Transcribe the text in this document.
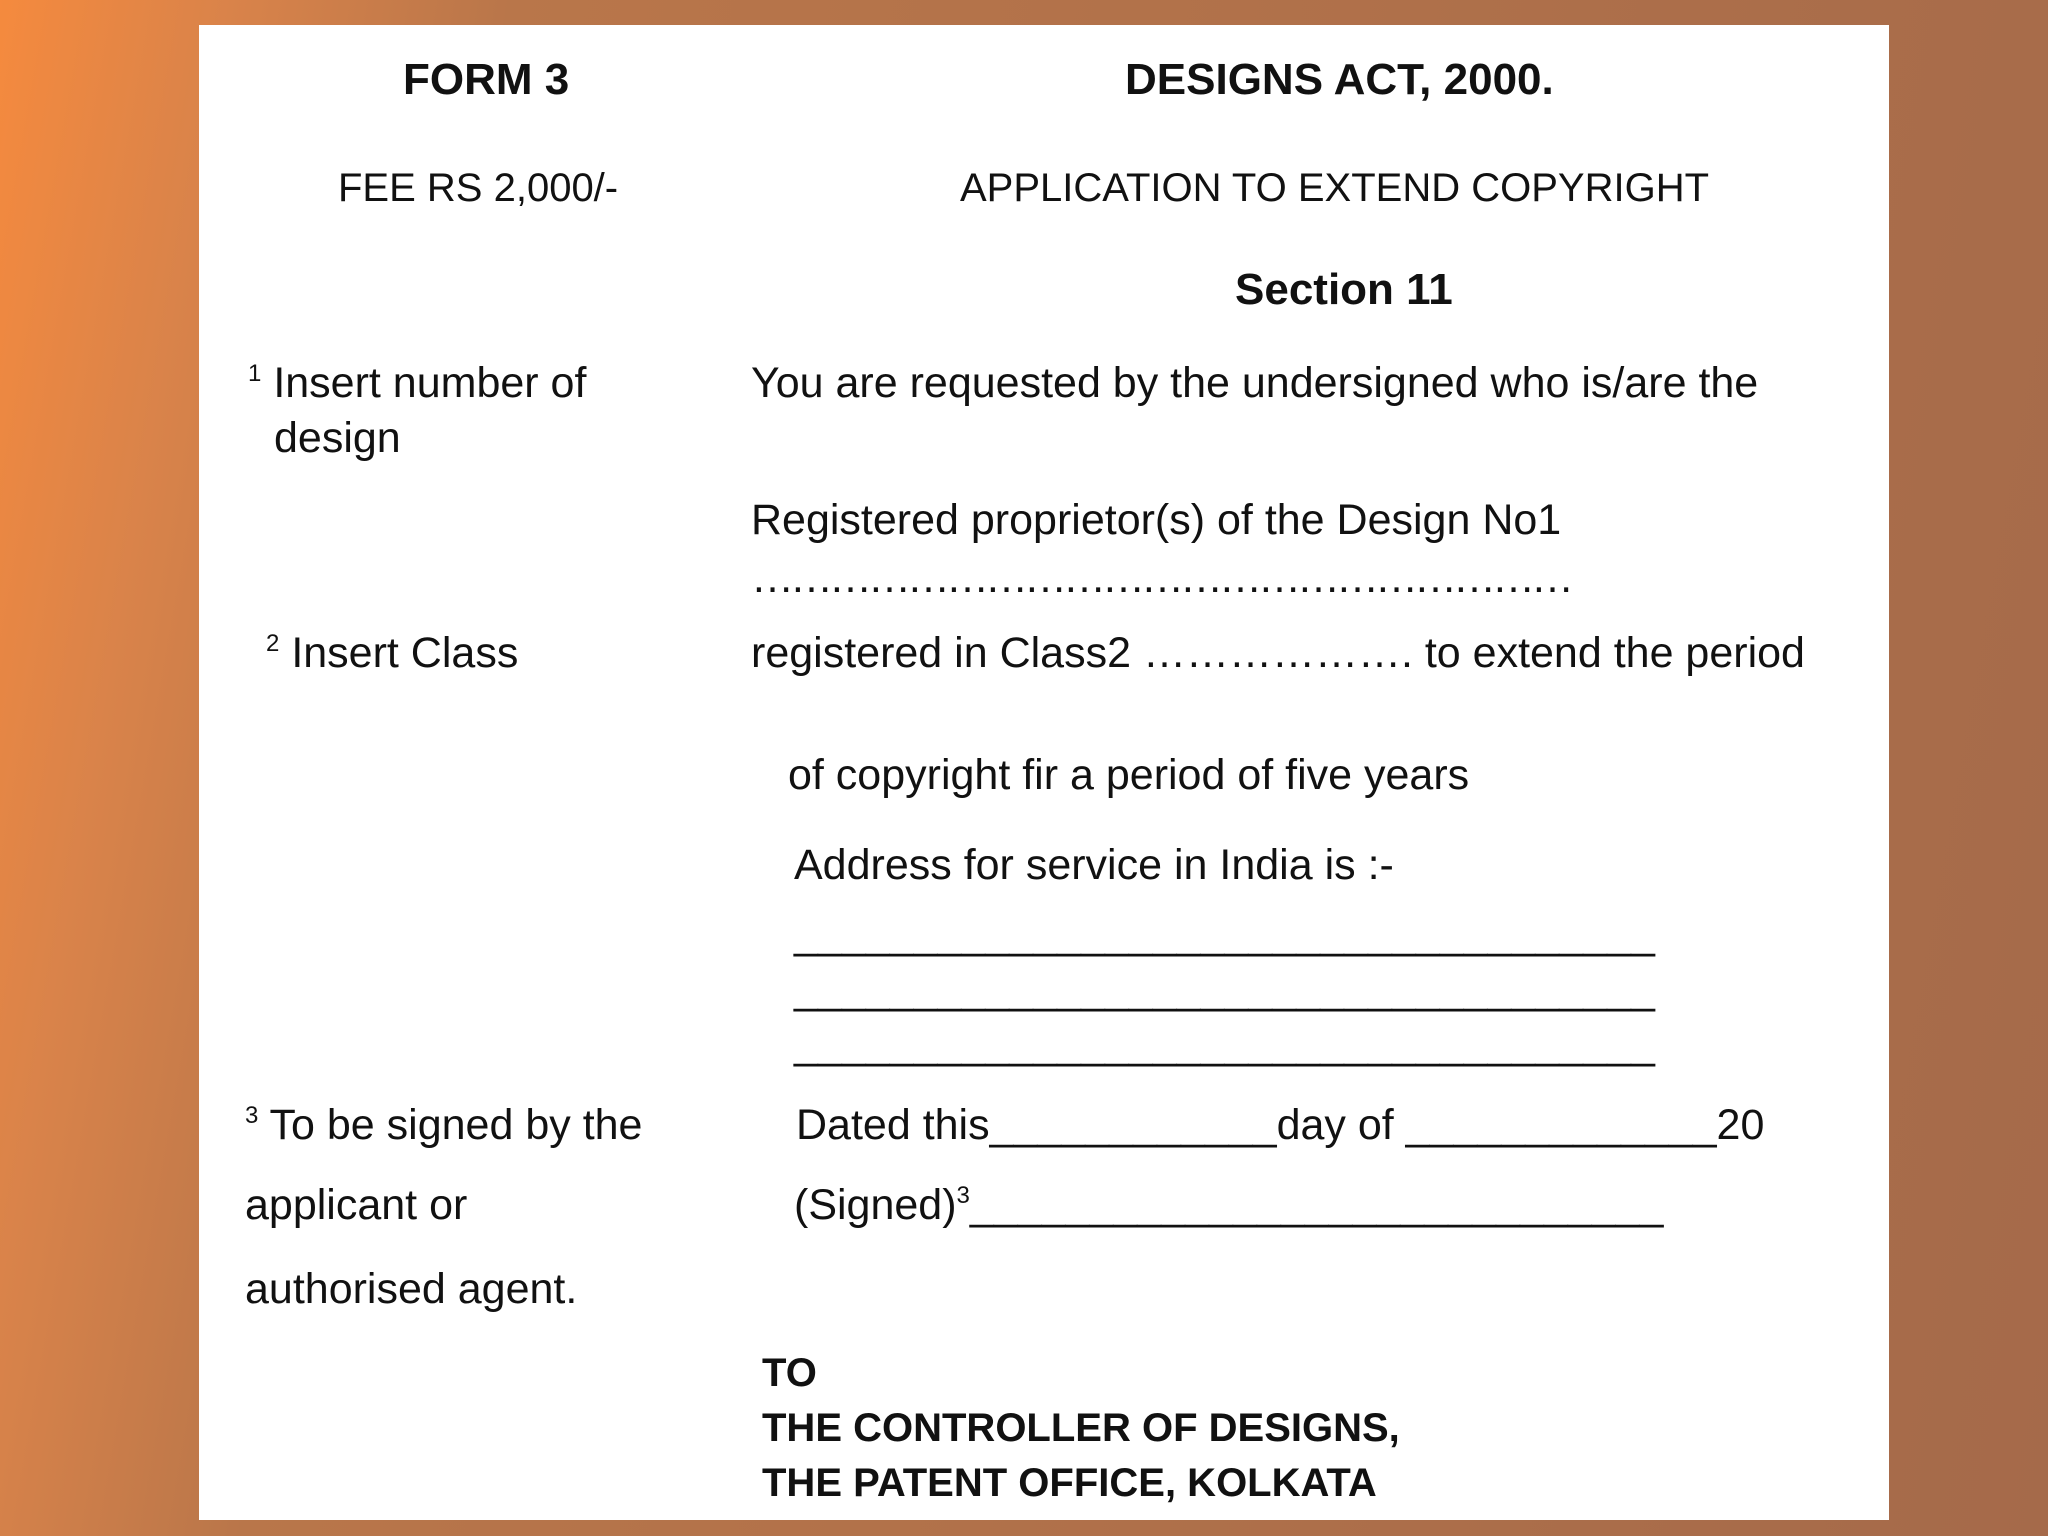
FORM 3	DESIGNS ACT, 2000.
FEE RS 2,000/-	APPLICATION TO EXTEND COPYRIGHT
Section 11
$^1$ Insert number of
design
$^2$ Insert Class
$^3$ To be signed by the
applicant or
authorised agent.
You are requested by the undersigned who is/are the
Registered proprietor(s) of the Design No1
………………………………………………………
registered in Class2 ………………. to extend the period
of copyright fir a period of five years
Address for service in India is :-
____________________________________
____________________________________
____________________________________
Dated this____________day of _____________20
(Signed)$^3$_____________________________
TO
THE CONTROLLER OF DESIGNS,
THE PATENT OFFICE, KOLKATA
